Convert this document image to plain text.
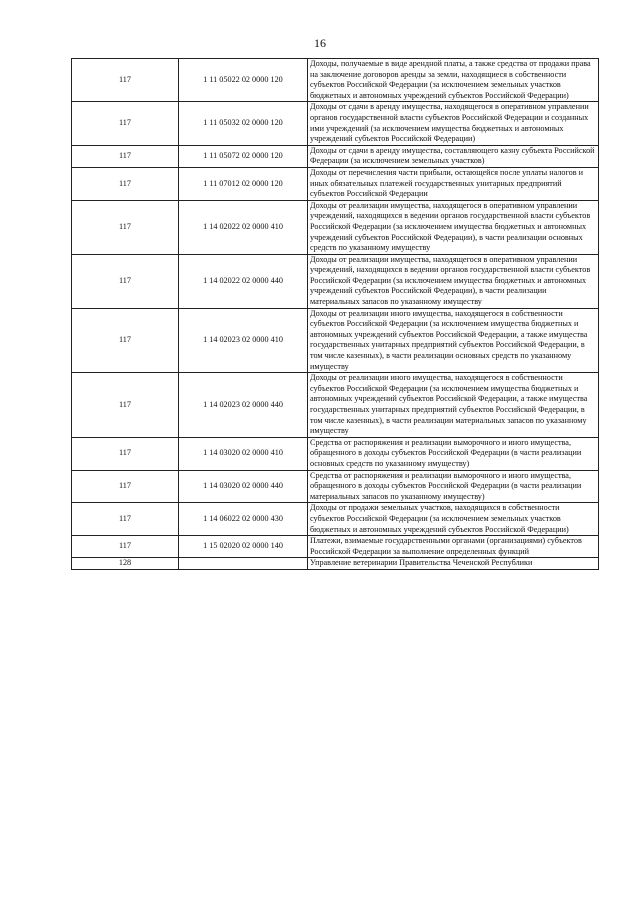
16
117	1 11 05022 02 0000 120	Доходы, получаемые в виде арендной платы, а также средства от продажи права на заключение договоров аренды за земли, находящиеся в собственности субъектов Российской Федерации (за исключением земельных участков бюджетных и автономных учреждений субъектов Российской Федерации)
117	1 11 05032 02 0000 120	Доходы от сдачи в аренду имущества, находящегося в оперативном управлении органов государственной власти субъектов Российской Федерации и созданных ими учреждений (за исключением имущества бюджетных и автономных учреждений субъектов Российской Федерации)
117	1 11 05072 02 0000 120	Доходы от сдачи в аренду имущества, составляющего казну субъекта Российской Федерации (за исключением земельных участков)
117	1 11 07012 02 0000 120	Доходы от перечисления части прибыли, остающейся после уплаты налогов и иных обязательных платежей государственных унитарных предприятий субъектов Российской Федерации
117	1 14 02022 02 0000 410	Доходы от реализации имущества, находящегося в оперативном управлении учреждений, находящихся в ведении органов государственной власти субъектов Российской Федерации (за исключением имущества бюджетных и автономных учреждений субъектов Российской Федерации), в части реализации основных средств по указанному имуществу
117	1 14 02022 02 0000 440	Доходы от реализации имущества, находящегося в оперативном управлении учреждений, находящихся в ведении органов государственной власти субъектов Российской Федерации (за исключением имущества бюджетных и автономных учреждений субъектов Российской Федерации), в части реализации материальных запасов по указанному имуществу
117	1 14 02023 02 0000 410	Доходы от реализации иного имущества, находящегося в собственности субъектов Российской Федерации (за исключением имущества бюджетных и автономных учреждений субъектов Российской Федерации, а также имущества государственных унитарных предприятий субъектов Российской Федерации, в том числе казенных), в части реализации основных средств по указанному имуществу
117	1 14 02023 02 0000 440	Доходы от реализации иного имущества, находящегося в собственности субъектов Российской Федерации (за исключением имущества бюджетных и автономных учреждений субъектов Российской Федерации, а также имущества государственных унитарных предприятий субъектов Российской Федерации, в том числе казенных), в части реализации материальных запасов по указанному имуществу
117	1 14 03020 02 0000 410	Средства от распоряжения и реализации выморочного и иного имущества, обращенного в доходы субъектов Российской Федерации (в части реализации основных средств по указанному имуществу)
117	1 14 03020 02 0000 440	Средства от распоряжения и реализации выморочного и иного имущества, обращенного в доходы субъектов Российской Федерации (в части реализации материальных запасов по указанному имуществу)
117	1 14 06022 02 0000 430	Доходы от продажи земельных участков, находящихся в собственности субъектов Российской Федерации (за исключением земельных участков бюджетных и автономных учреждений субъектов Российской Федерации)
117	1 15 02020 02 0000 140	Платежи, взимаемые государственными органами (организациями) субъектов Российской Федерации за выполнение определенных функций
128		Управление ветеринарии Правительства Чеченской Республики
